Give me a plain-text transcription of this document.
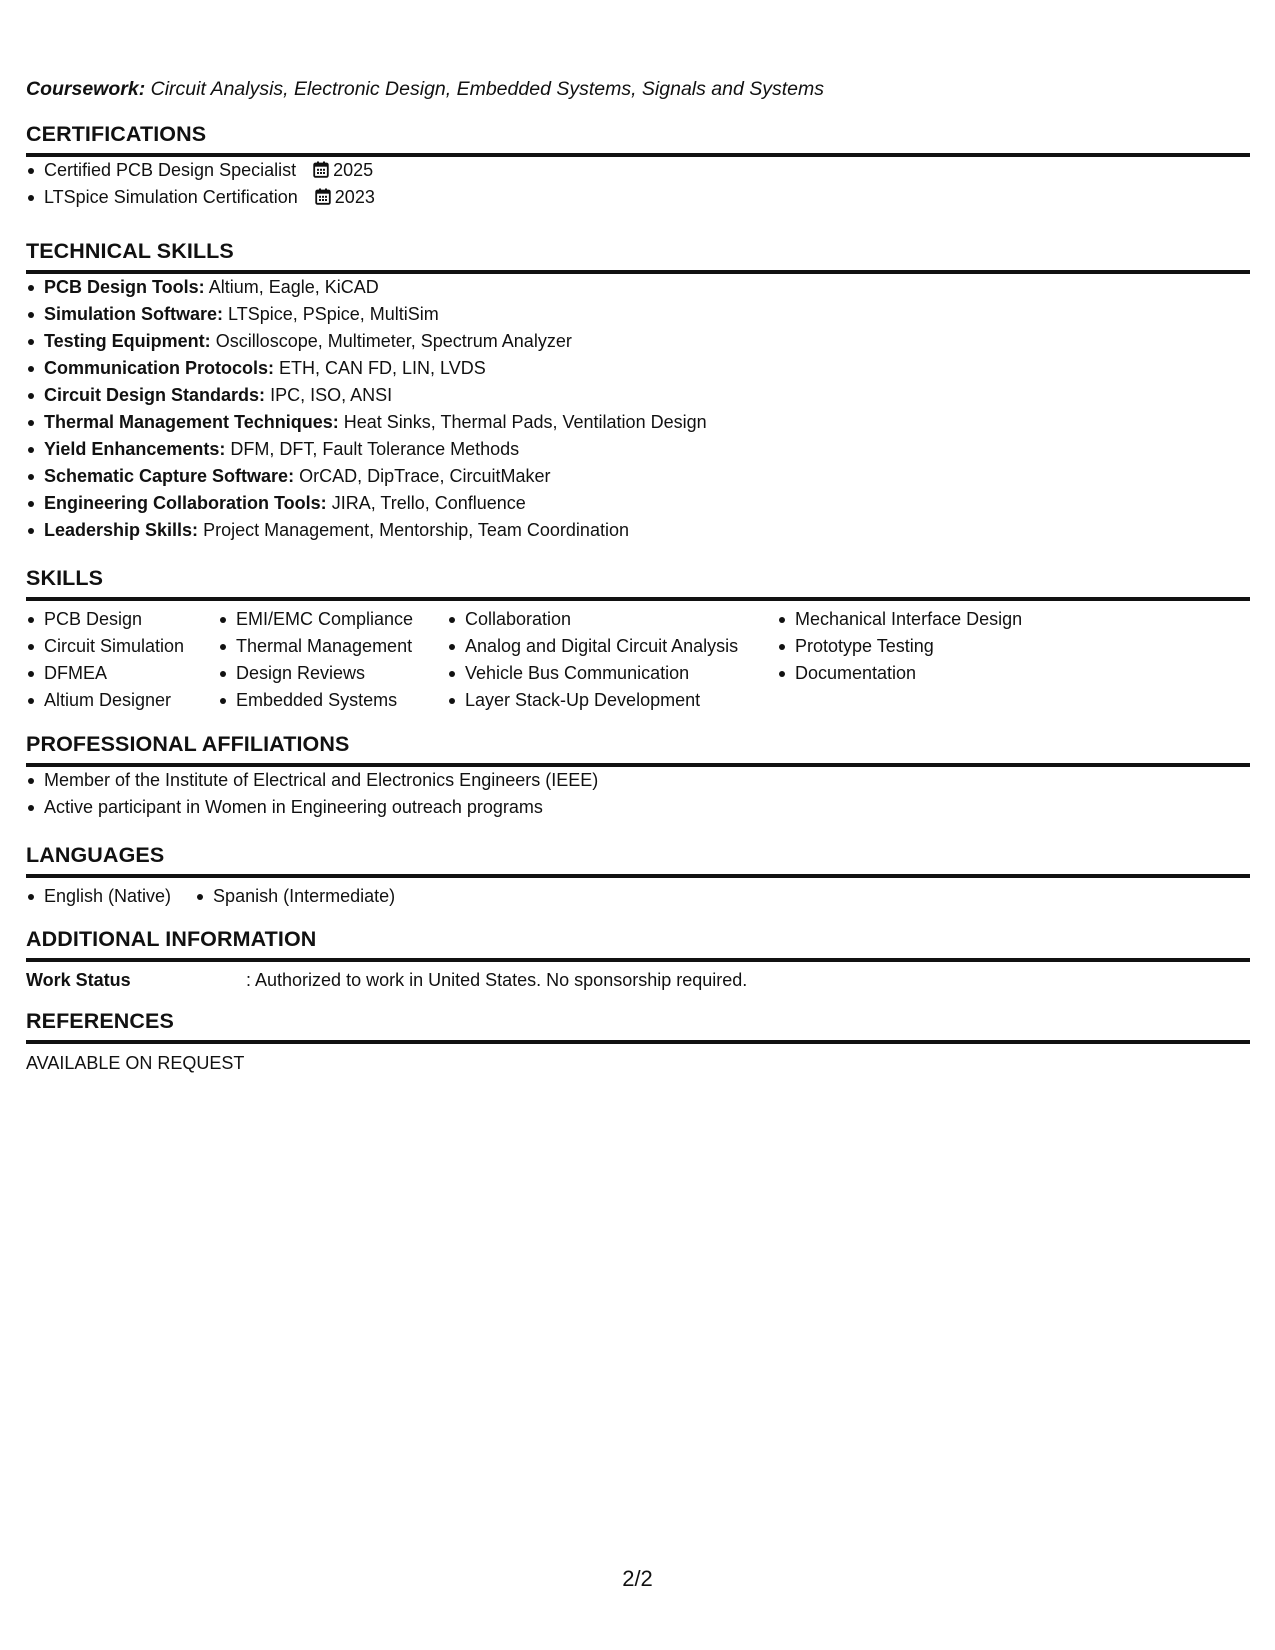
Coursework: Circuit Analysis, Electronic Design, Embedded Systems, Signals and Systems
CERTIFICATIONS
Certified PCB Design Specialist 2025
LTSpice Simulation Certification 2023
TECHNICAL SKILLS
PCB Design Tools: Altium, Eagle, KiCAD
Simulation Software: LTSpice, PSpice, MultiSim
Testing Equipment: Oscilloscope, Multimeter, Spectrum Analyzer
Communication Protocols: ETH, CAN FD, LIN, LVDS
Circuit Design Standards: IPC, ISO, ANSI
Thermal Management Techniques: Heat Sinks, Thermal Pads, Ventilation Design
Yield Enhancements: DFM, DFT, Fault Tolerance Methods
Schematic Capture Software: OrCAD, DipTrace, CircuitMaker
Engineering Collaboration Tools: JIRA, Trello, Confluence
Leadership Skills: Project Management, Mentorship, Team Coordination
SKILLS
PCB Design
Circuit Simulation
DFMEA
Altium Designer
EMI/EMC Compliance
Thermal Management
Design Reviews
Embedded Systems
Collaboration
Analog and Digital Circuit Analysis
Vehicle Bus Communication
Layer Stack-Up Development
Mechanical Interface Design
Prototype Testing
Documentation
PROFESSIONAL AFFILIATIONS
Member of the Institute of Electrical and Electronics Engineers (IEEE)
Active participant in Women in Engineering outreach programs
LANGUAGES
English (Native)	Spanish (Intermediate)
ADDITIONAL INFORMATION
Work Status	: Authorized to work in United States. No sponsorship required.
REFERENCES
AVAILABLE ON REQUEST
2/2
